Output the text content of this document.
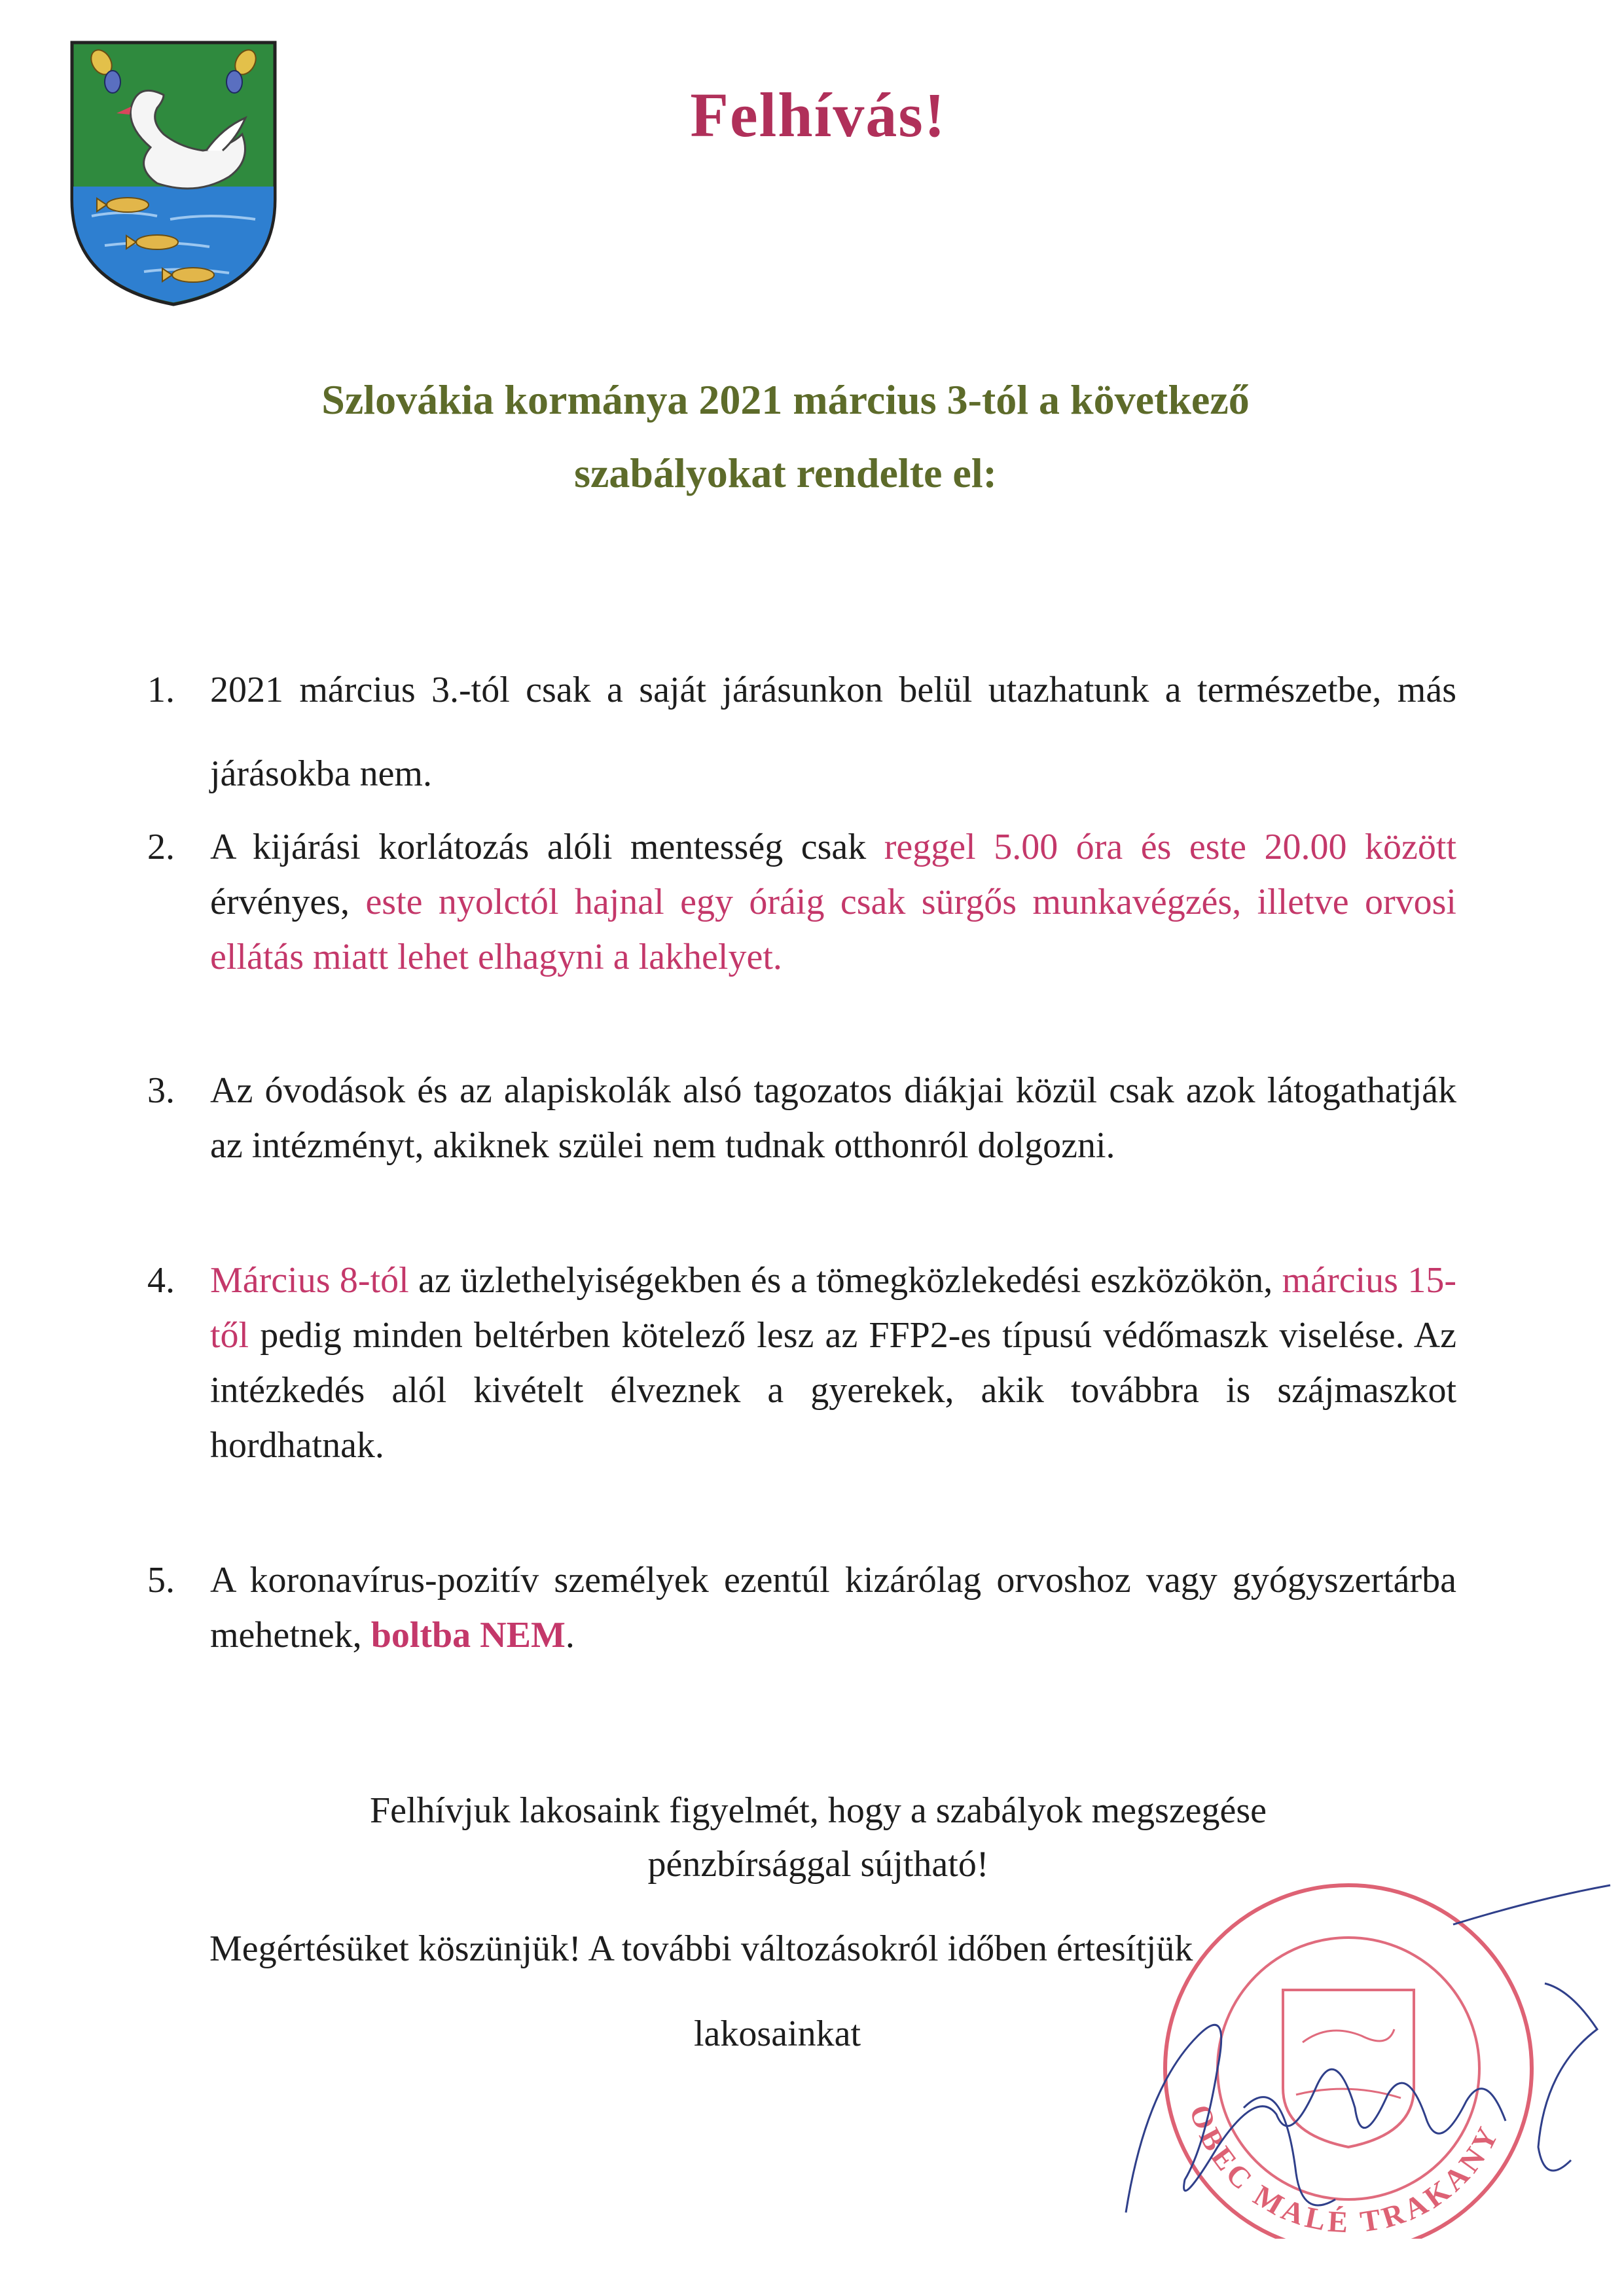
Felhívás!
Szlovákia kormánya 2021 március 3-tól a következő
szabályokat rendelte el:
1. 2021 március 3.-tól csak a saját járásunkon belül utazhatunk a természetbe, más járásokba nem.
2. A kijárási korlátozás alóli mentesség csak reggel 5.00 óra és este 20.00 között érvényes, este nyolctól hajnal egy óráig csak sürgős munkavégzés, illetve orvosi ellátás miatt lehet elhagyni a lakhelyet.
3. Az óvodások és az alapiskolák alsó tagozatos diákjai közül csak azok látogathatják az intézményt, akiknek szülei nem tudnak otthonról dolgozni.
4. Március 8-tól az üzlethelyiségekben és a tömegközlekedési eszközökön, március 15-től pedig minden beltérben kötelező lesz az FFP2-es típusú védőmaszk viselése. Az intézkedés alól kivételt élveznek a gyerekek, akik továbbra is szájmaszkot hordhatnak.
5. A koronavírus-pozitív személyek ezentúl kizárólag orvoshoz vagy gyógyszertárba mehetnek, boltba NEM.
Felhívjuk lakosaink figyelmét, hogy a szabályok megszegése
pénzbírsággal sújtható!
Megértésüket köszünjük! A további változásokról időben értesítjük
lakosainkat
OBEC MALÉ TRAKANY
